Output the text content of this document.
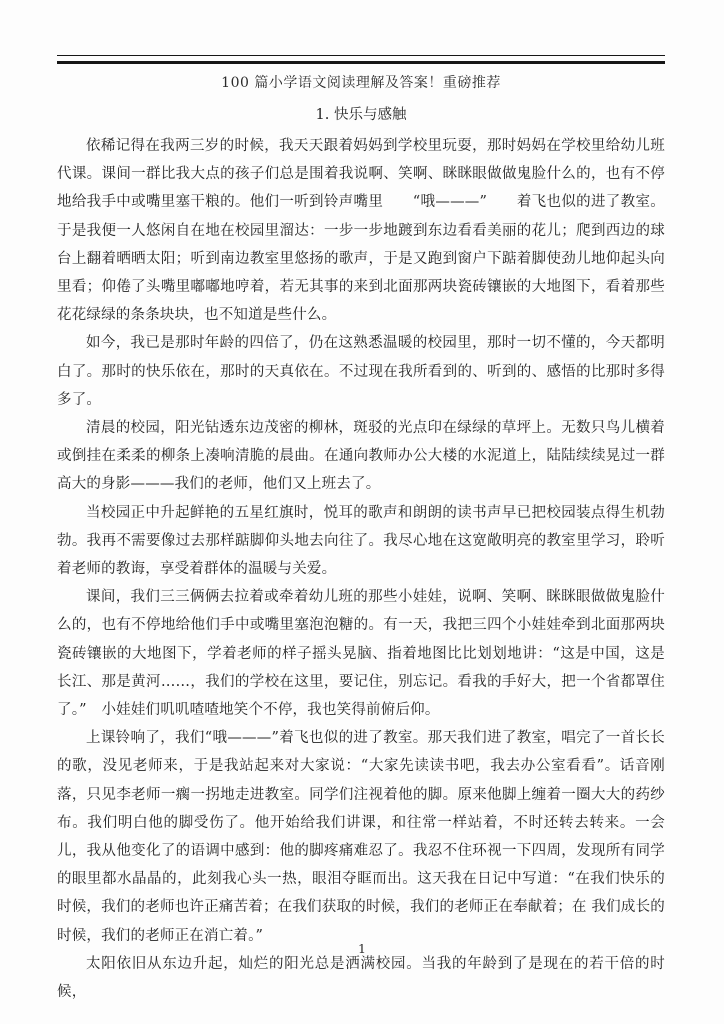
100 篇小学语文阅读理解及答案！重磅推荐
1. 快乐与感触

依稀记得在我两三岁的时候，我天天跟着妈妈到学校里玩耍，那时妈妈在学校里给幼儿班代课。课间一群比我大点的孩子们总是围着我说啊、笑啊、眯眯眼做做鬼脸什么的，也有不停地给我手中或嘴里塞干粮的。他们一听到铃声嘴里　　“哦———”　　着飞也似的进了教室。于是我便一人悠闲自在地在校园里溜达：一步一步地踱到东边看看美丽的花儿；爬到西边的球台上翻着晒晒太阳；听到南边教室里悠扬的歌声，于是又跑到窗户下踮着脚使劲儿地仰起头向里看；仰倦了头嘴里嘟嘟地哼着，若无其事的来到北面那两块瓷砖镶嵌的大地图下，看着那些花花绿绿的条条块块，也不知道是些什么。

如今，我已是那时年龄的四倍了，仍在这熟悉温暖的校园里，那时一切不懂的，今天都明白了。那时的快乐依在，那时的天真依在。不过现在我所看到的、听到的、感悟的比那时多得多了。

清晨的校园，阳光钻透东边茂密的柳林，斑驳的光点印在绿绿的草坪上。无数只鸟儿横着或倒挂在柔柔的柳条上凑响清脆的晨曲。在通向教师办公大楼的水泥道上，陆陆续续晃过一群高大的身影———我们的老师，他们又上班去了。

当校园正中升起鲜艳的五星红旗时，悦耳的歌声和朗朗的读书声早已把校园装点得生机勃勃。我再不需要像过去那样踮脚仰头地去向往了。我尽心地在这宽敞明亮的教室里学习，聆听着老师的教诲，享受着群体的温暖与关爱。

课间，我们三三俩俩去拉着或牵着幼儿班的那些小娃娃，说啊、笑啊、眯眯眼做做鬼脸什么的，也有不停地给他们手中或嘴里塞泡泡糖的。有一天，我把三四个小娃娃牵到北面那两块瓷砖镶嵌的大地图下，学着老师的样子摇头晃脑、指着地图比比划划地讲：“这是中国，这是长江、那是黄河……，我们的学校在这里，要记住，别忘记。看我的手好大，把一个省都罩住了。”　小娃娃们叽叽喳喳地笑个不停，我也笑得前俯后仰。

上课铃响了，我们“哦———”着飞也似的进了教室。那天我们进了教室，唱完了一首长长的歌，没见老师来，于是我站起来对大家说：“大家先读读书吧，我去办公室看看”。话音刚落，只见李老师一瘸一拐地走进教室。同学们注视着他的脚。原来他脚上缠着一圈大大的药纱布。我们明白他的脚受伤了。他开始给我们讲课，和往常一样站着，不时还转去转来。一会儿，我从他变化了的语调中感到：他的脚疼痛难忍了。我忍不住环视一下四周，发现所有同学的眼里都水晶晶的，此刻我心头一热，眼泪夺眶而出。这天我在日记中写道：“在我们快乐的时候，我们的老师也许正痛苦着；在我们获取的时候，我们的老师正在奉献着；在 我们成长的时候，我们的老师正在消亡着。”

太阳依旧从东边升起，灿烂的阳光总是洒满校园。当我的年龄到了是现在的若干倍的时候，

1
